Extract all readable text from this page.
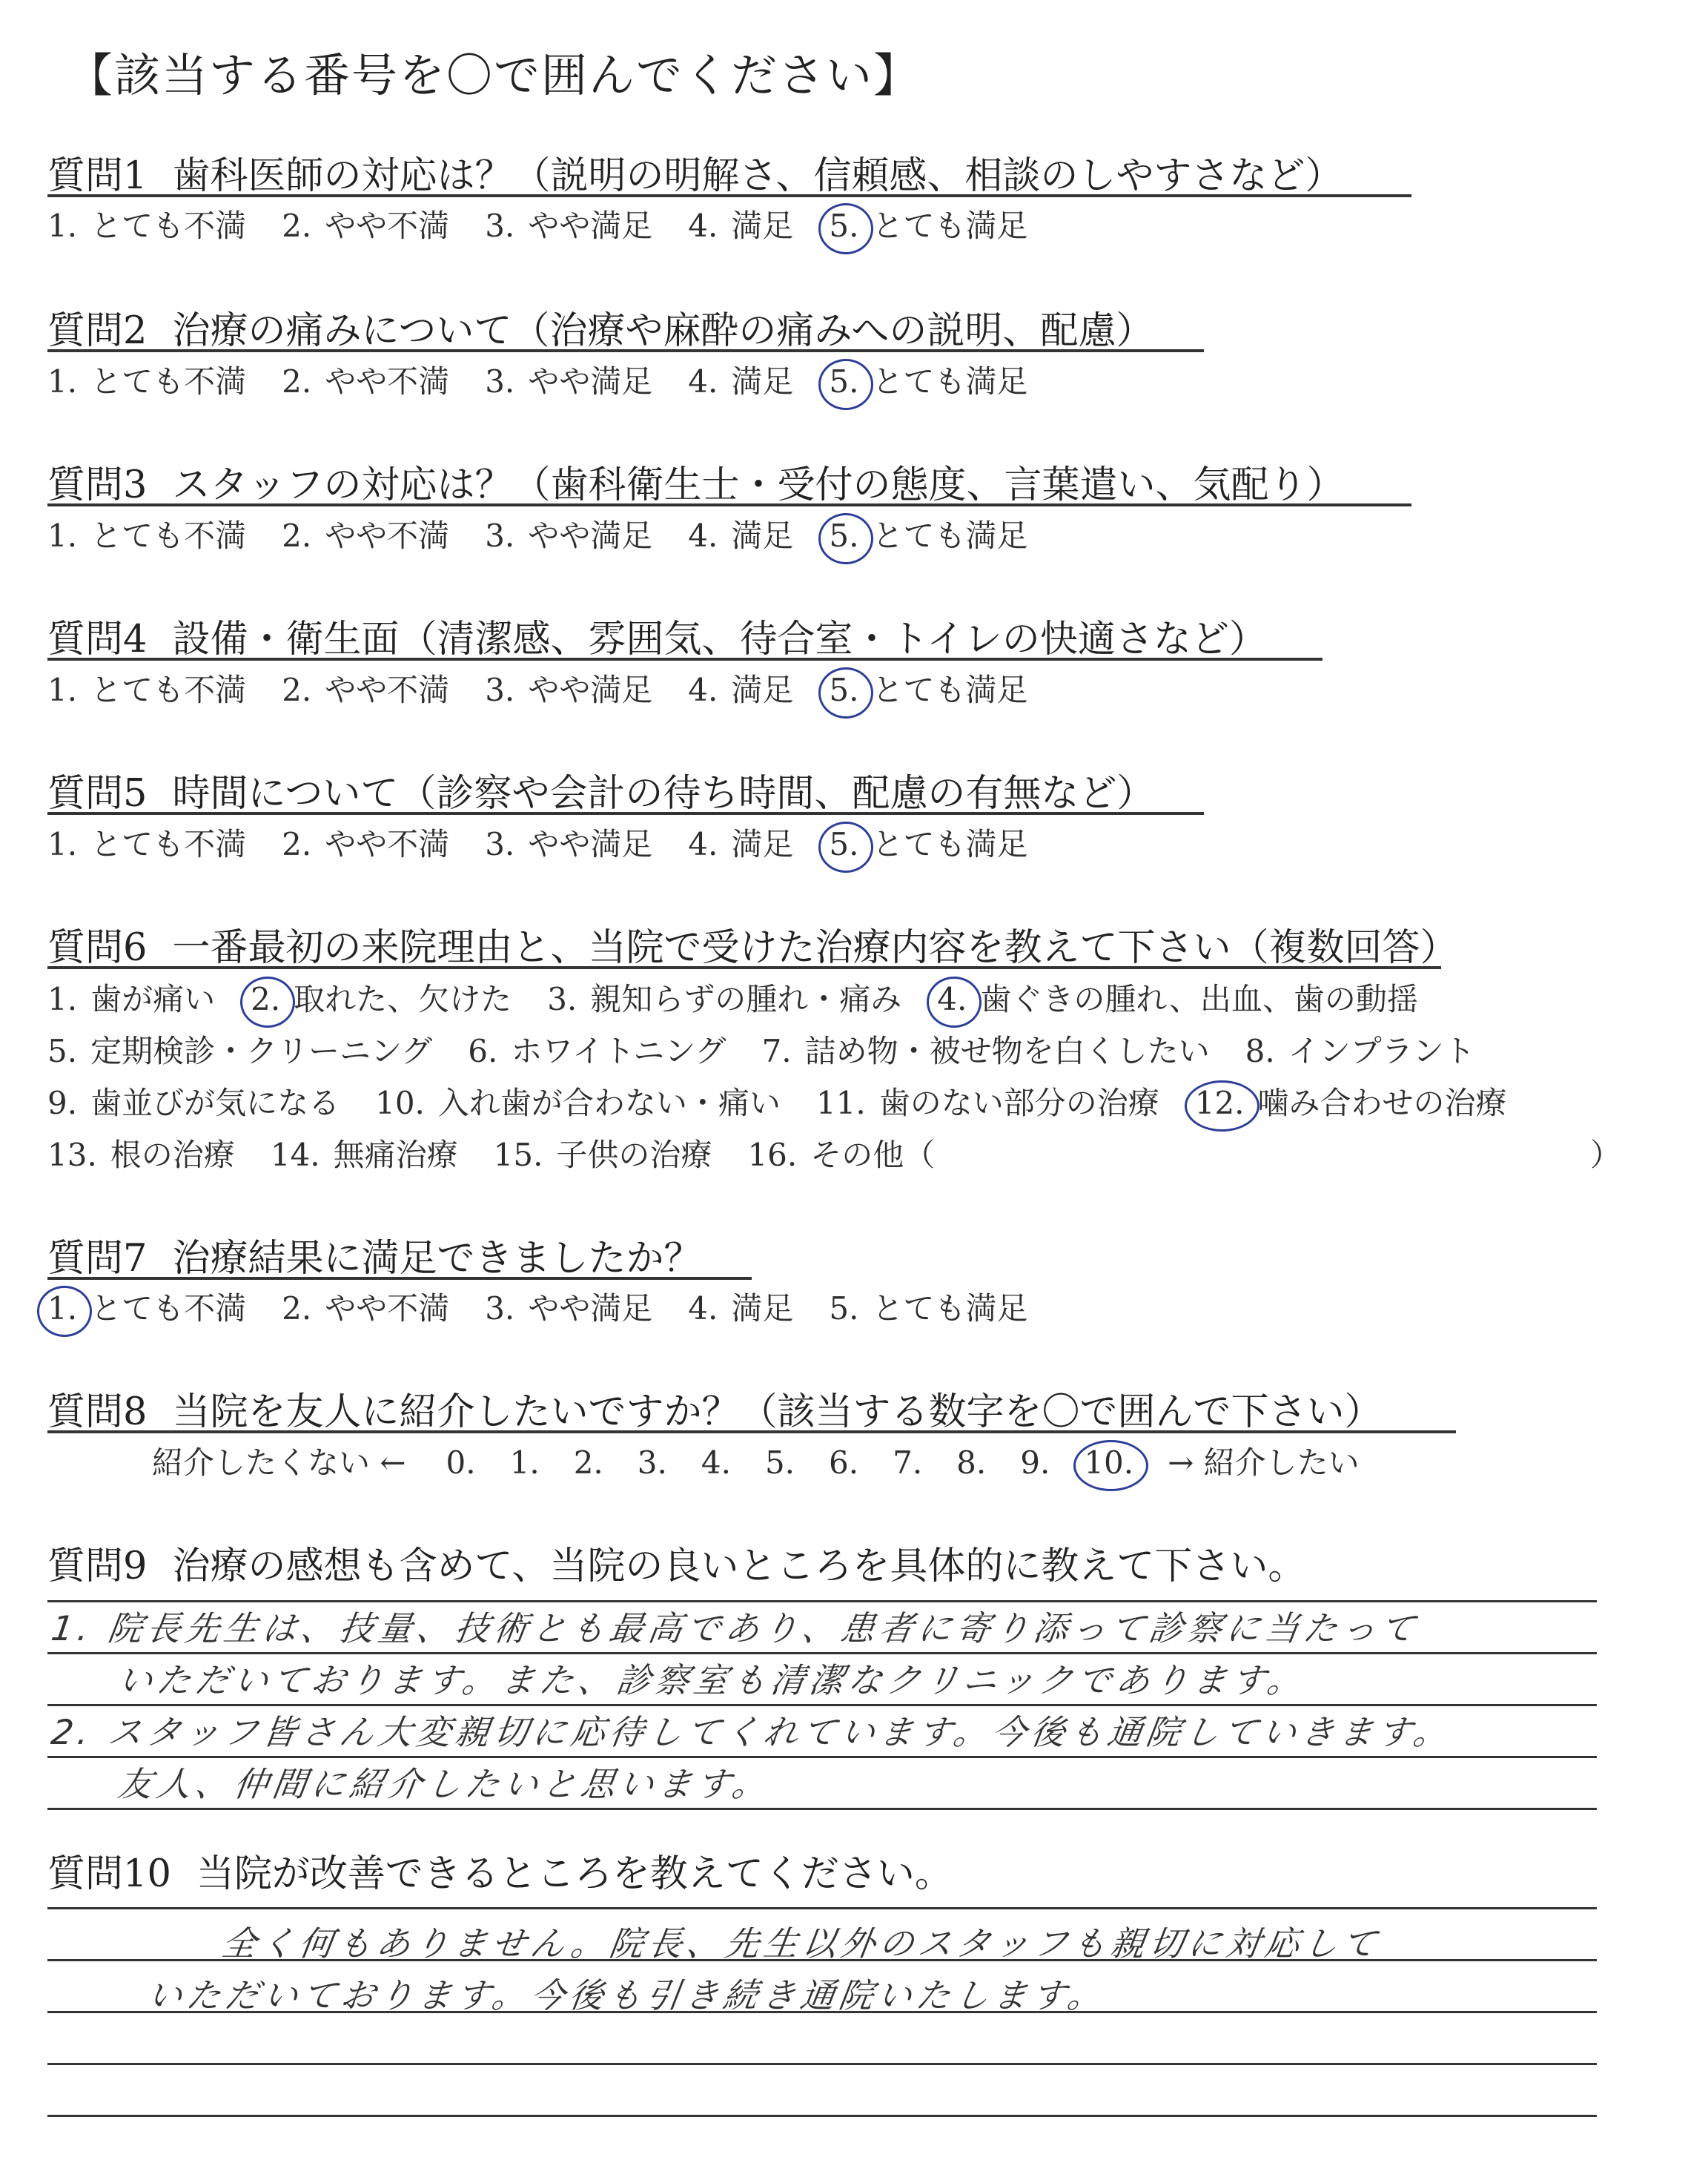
【該当する番号を〇で囲んでください】
質問1 歯科医師の対応は？（説明の明解さ、信頼感、相談のしやすさなど）
1. とても不満 2. やや不満 3. やや満足 4. 満足 5. とても満足
質問2 治療の痛みについて（治療や麻酔の痛みへの説明、配慮）
1. とても不満 2. やや不満 3. やや満足 4. 満足 5. とても満足
質問3 スタッフの対応は？（歯科衛生士・受付の態度、言葉遣い、気配り）
1. とても不満 2. やや不満 3. やや満足 4. 満足 5. とても満足
質問4 設備・衛生面（清潔感、雰囲気、待合室・トイレの快適さなど）
1. とても不満 2. やや不満 3. やや満足 4. 満足 5. とても満足
質問5 時間について（診察や会計の待ち時間、配慮の有無など）
1. とても不満 2. やや不満 3. やや満足 4. 満足 5. とても満足
質問6 一番最初の来院理由と、当院で受けた治療内容を教えて下さい（複数回答）
1. 歯が痛い 2. 取れた、欠けた 3. 親知らずの腫れ・痛み 4. 歯ぐきの腫れ、出血、歯の動揺
5. 定期検診・クリーニング 6. ホワイトニング 7. 詰め物・被せ物を白くしたい 8. インプラント
9. 歯並びが気になる 10. 入れ歯が合わない・痛い 11. 歯のない部分の治療 12. 噛み合わせの治療
13. 根の治療 14. 無痛治療 15. 子供の治療 16. その他（	）
質問7 治療結果に満足できましたか？
1. とても不満 2. やや不満 3. やや満足 4. 満足 5. とても満足
質問8 当院を友人に紹介したいですか？（該当する数字を〇で囲んで下さい）
紹介したくない ← 0. 1. 2. 3. 4. 5. 6. 7. 8. 9. 10. → 紹介したい
質問9 治療の感想も含めて、当院の良いところを具体的に教えて下さい。
1. 院長先生は、技量、技術とも最高であり、患者に寄り添って診察に当たって
いただいております。また、診察室も清潔なクリニックであります。
2. スタッフ皆さん大変親切に応待してくれています。今後も通院していきます。
友人、仲間に紹介したいと思います。
質問10 当院が改善できるところを教えてください。
全く何もありません。院長、先生以外のスタッフも親切に対応して
いただいております。今後も引き続き通院いたします。
